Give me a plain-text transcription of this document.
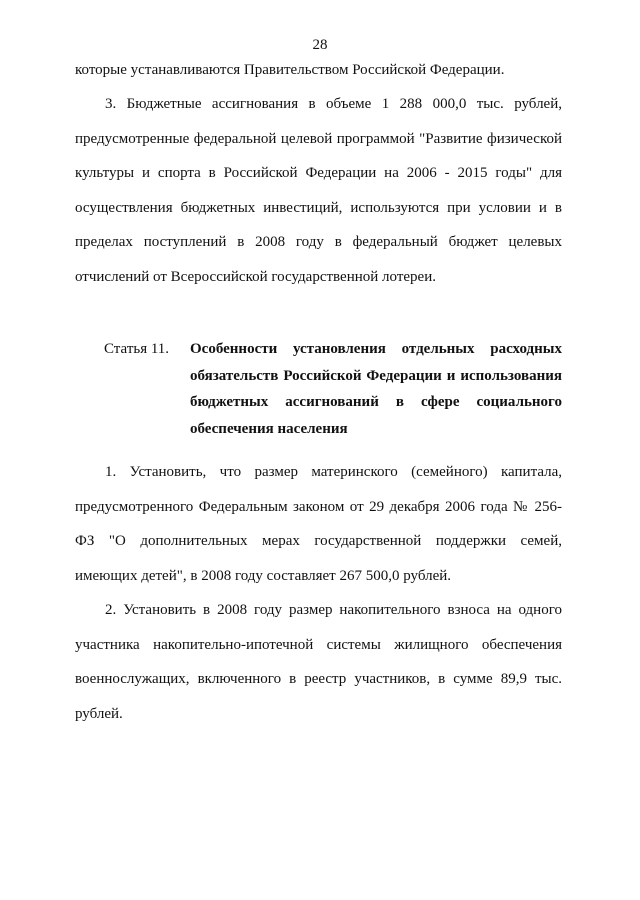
28
которые устанавливаются Правительством Российской Федерации.
3. Бюджетные ассигнования в объеме 1 288 000,0 тыс. рублей, предусмотренные федеральной целевой программой "Развитие физической культуры и спорта в Российской Федерации на 2006 - 2015 годы" для осуществления бюджетных инвестиций, используются при условии и в пределах поступлений в 2008 году в федеральный бюджет целевых отчислений от Всероссийской государственной лотереи.
Статья 11. Особенности установления отдельных расходных обязательств Российской Федерации и использования бюджетных ассигнований в сфере социального обеспечения населения
1. Установить, что размер материнского (семейного) капитала, предусмотренного Федеральным законом от 29 декабря 2006 года № 256-ФЗ "О дополнительных мерах государственной поддержки семей, имеющих детей", в 2008 году составляет 267 500,0 рублей.
2. Установить в 2008 году размер накопительного взноса на одного участника накопительно-ипотечной системы жилищного обеспечения военнослужащих, включенного в реестр участников, в сумме 89,9 тыс. рублей.
